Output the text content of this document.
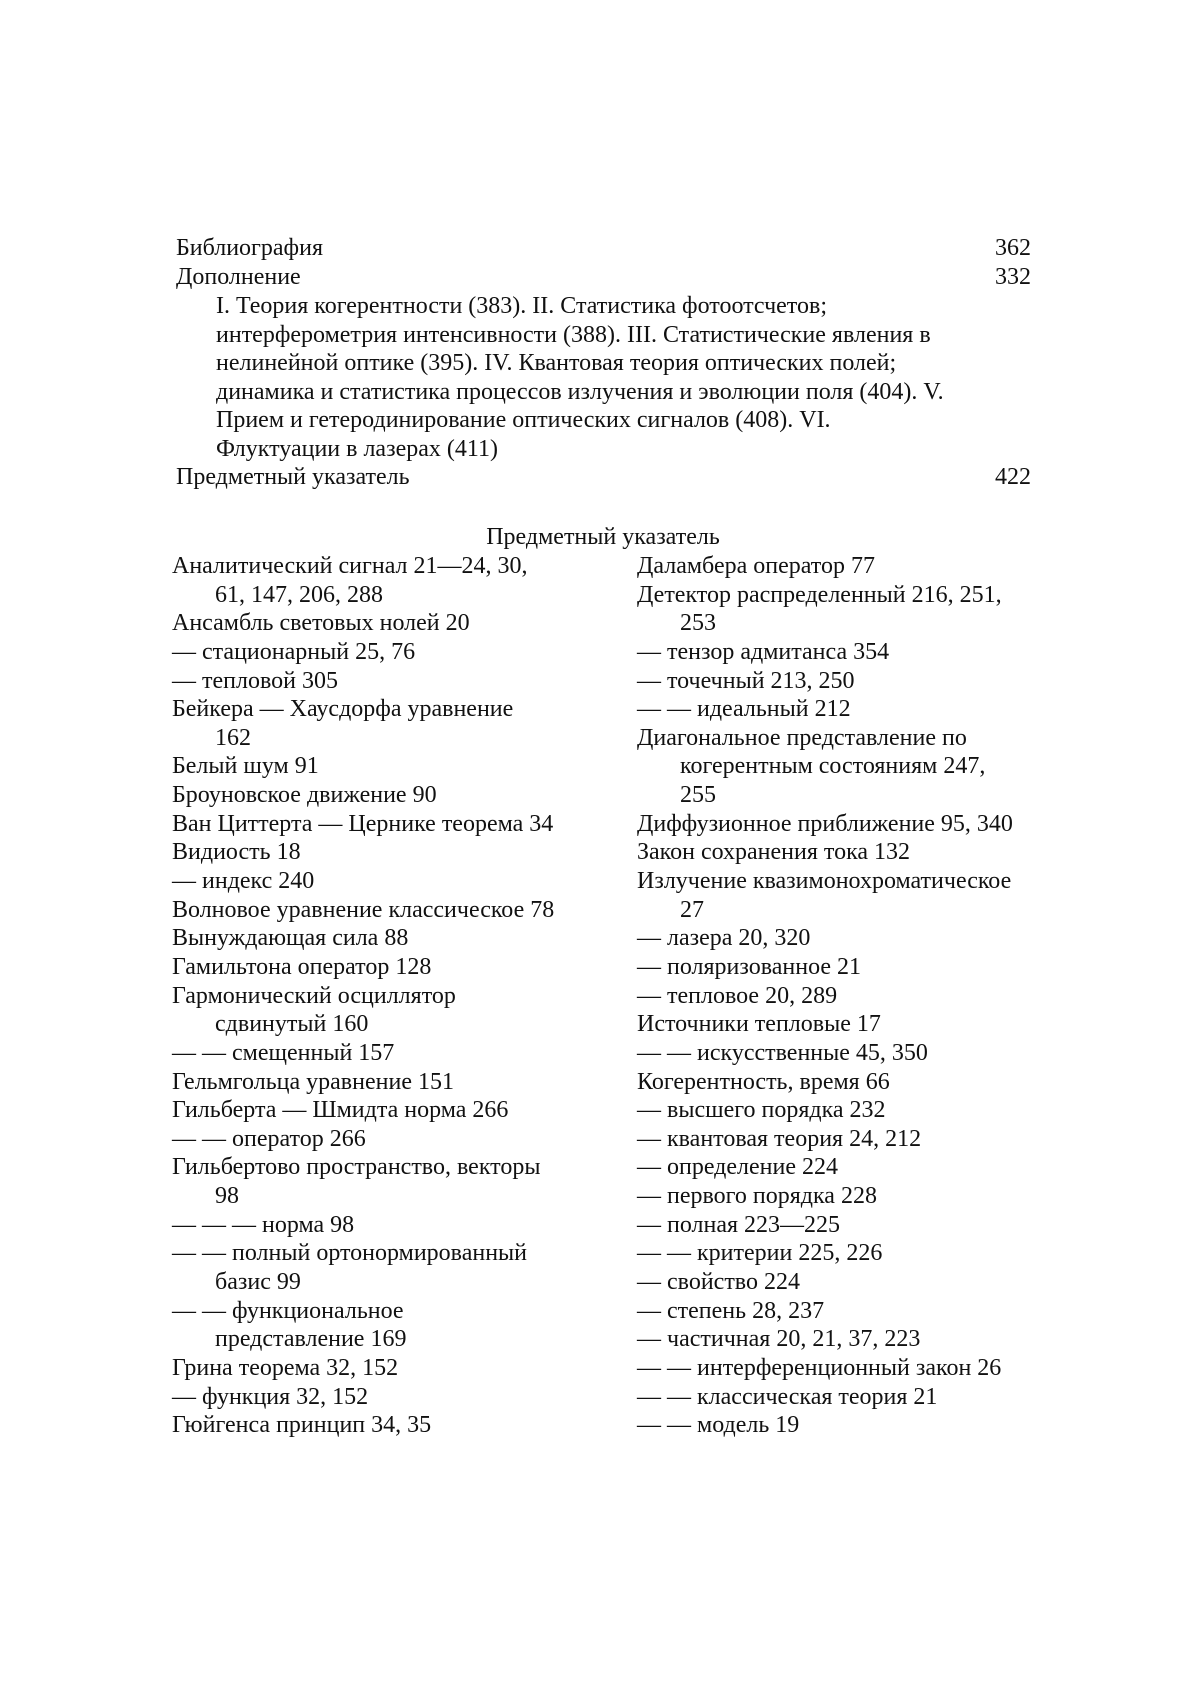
Библиография	362
Дополнение	332
I. Теория когерентности (383). II. Статистика фотоотсчетов;
интерферометрия интенсивности (388). III. Статистические явления в
нелинейной оптике (395). IV. Квантовая теория оптических полей;
динамика и статистика процессов излучения и эволюции поля (404). V.
Прием и гетеродинирование оптических сигналов (408). VI.
Флуктуации в лазерах (411)
Предметный указатель	422
Предметный указатель
Аналитический сигнал 21—24, 30,
61, 147, 206, 288
Ансамбль световых нолей 20
— стационарный 25, 76
— тепловой 305
Бейкера — Хаусдорфа уравнение
162
Белый шум 91
Броуновское движение 90
Ван Циттерта — Цернике теорема 34
Видиость 18
— индекс 240
Волновое уравнение классическое 78
Вынуждающая сила 88
Гамильтона оператор 128
Гармонический осциллятор
сдвинутый 160
— — смещенный 157
Гельмгольца уравнение 151
Гильберта — Шмидта норма 266
— — оператор 266
Гильбертово пространство, векторы
98
— — — норма 98
— — полный ортонормированный
базис 99
— — функциональное
представление 169
Грина теорема 32, 152
— функция 32, 152
Гюйгенса принцип 34, 35
Даламбера оператор 77
Детектор распределенный 216, 251,
253
— тензор адмитанса 354
— точечный 213, 250
— — идеальный 212
Диагональное представление по
когерентным состояниям 247,
255
Диффузионное приближение 95, 340
Закон сохранения тока 132
Излучение квазимонохроматическое
27
— лазера 20, 320
— поляризованное 21
— тепловое 20, 289
Источники тепловые 17
— — искусственные 45, 350
Когерентность, время 66
— высшего порядка 232
— квантовая теория 24, 212
— определение 224
— первого порядка 228
— полная 223—225
— — критерии 225, 226
— свойство 224
— степень 28, 237
— частичная 20, 21, 37, 223
— — интерференционный закон 26
— — классическая теория 21
— — модель 19
